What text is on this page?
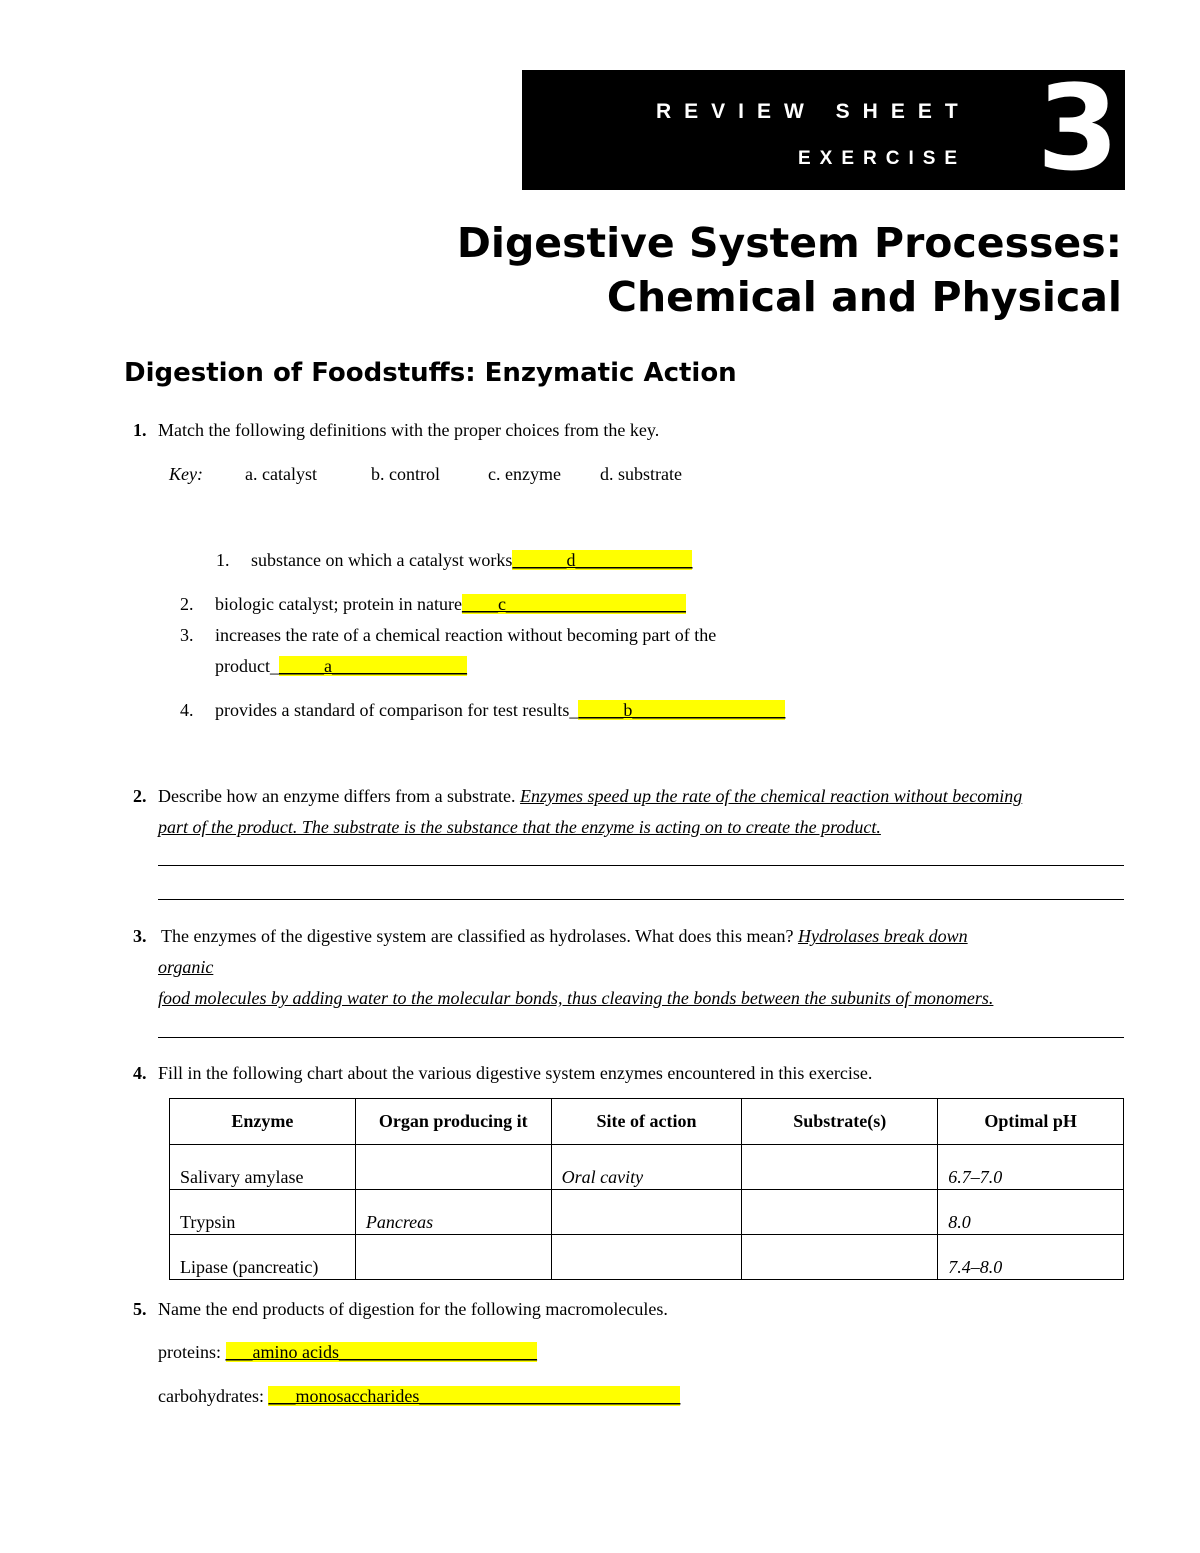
REVIEW SHEET
EXERCISE 3
Digestive System Processes:
Chemical and Physical
Digestion of Foodstuffs: Enzymatic Action
1. Match the following definitions with the proper choices from the key.
Key: a. catalyst	b. control	c. enzyme d. substrate
1. substance on which a catalyst works______d_____________
2. biologic catalyst; protein in nature____c____________________
3. increases the rate of a chemical reaction without becoming part of the
product______a_______________
4. provides a standard of comparison for test results______b_________________
2. Describe how an enzyme differs from a substrate. Enzymes speed up the rate of the chemical reaction without becoming
part of the product. The substrate is the substance that the enzyme is acting on to create the product.
3. The enzymes of the digestive system are classified as hydrolases. What does this mean? Hydrolases break down
organic
food molecules by adding water to the molecular bonds, thus cleaving the bonds between the subunits of monomers.
4. Fill in the following chart about the various digestive system enzymes encountered in this exercise.
Enzyme	Organ producing it	Site of action	Substrate(s)	Optimal pH
Salivary amylase		Oral cavity		6.7–7.0
Trypsin	Pancreas			8.0
Lipase (pancreatic)				7.4–8.0
5. Name the end products of digestion for the following macromolecules.
proteins: ___amino acids______________________
carbohydrates: ___monosaccharides_____________________________
